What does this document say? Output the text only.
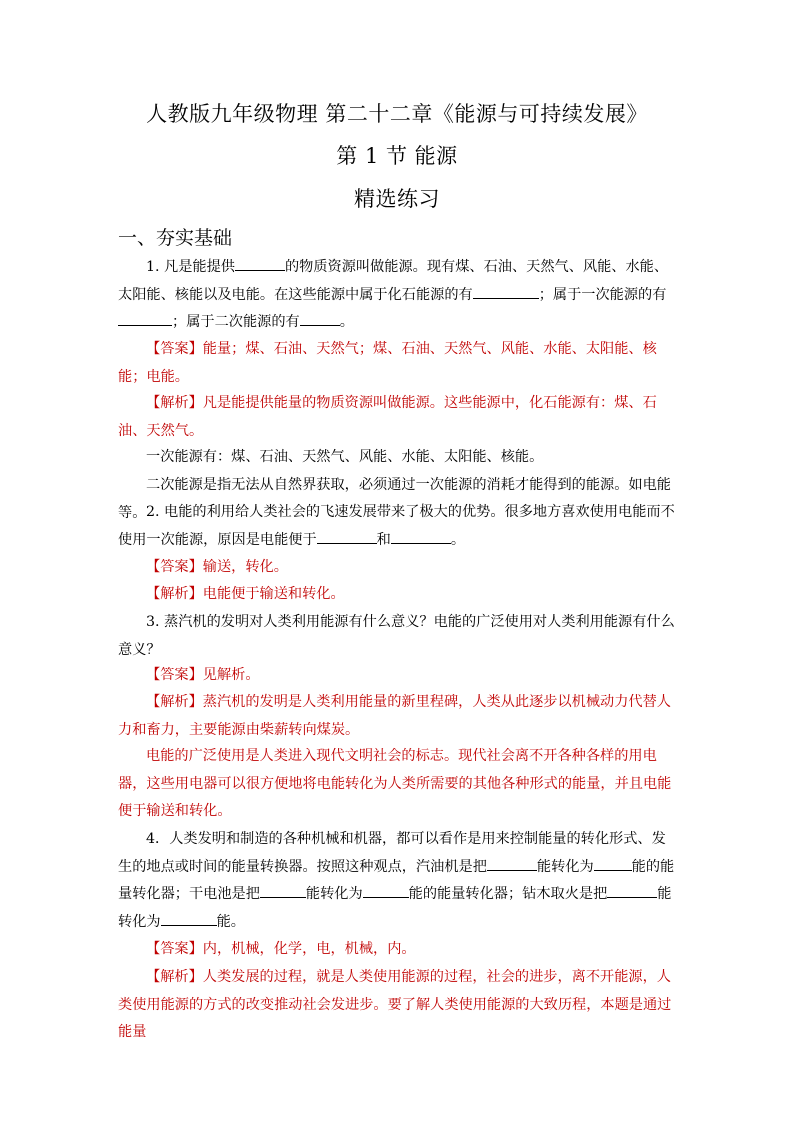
人教版九年级物理 第二十二章《能源与可持续发展》
第 1 节 能源
精选练习
一、夯实基础

1. 凡是能提供	的物质资源叫做能源。现有煤、石油、天然气、风能、水能、太阳能、核能以及电能。在这些能源中属于化石能源的有	；属于一次能源的有；属于二次能源的有	。

【答案】能量；煤、石油、天然气；煤、石油、天然气、风能、水能、太阳能、核能；电能。

【解析】凡是能提供能量的物质资源叫做能源。这些能源中，化石能源有：煤、石油、天然气。

一次能源有：煤、石油、天然气、风能、水能、太阳能、核能。

二次能源是指无法从自然界获取，必须通过一次能源的消耗才能得到的能源。如电能等。 2. 电能的利用给人类社会的飞速发展带来了极大的优势。很多地方喜欢使用电能而不使用一次能源，原因是电能便于	和	。

【答案】输送，转化。

【解析】电能便于输送和转化。

3. 蒸汽机的发明对人类利用能源有什么意义？电能的广泛使用对人类利用能源有什么意义？

【答案】见解析。

【解析】蒸汽机的发明是人类利用能量的新里程碑，人类从此逐步以机械动力代替人力和畜力，主要能源由柴薪转向煤炭。

电能的广泛使用是人类进入现代文明社会的标志。现代社会离不开各种各样的用电器，这些用电器可以很方便地将电能转化为人类所需要的其他各种形式的能量，并且电能便于输送和转化。

4．人类发明和制造的各种机械和机器，都可以看作是用来控制能量的转化形式、发生的地点或时间的能量转换器。按照这种观点，汽油机是把	能转化为	能的能量转化器；干电池是把	能转化为	能的能量转化器；钻木取火是把	能转化为	能。

【答案】内，机械，化学，电，机械，内。

【解析】人类发展的过程，就是人类使用能源的过程，社会的进步，离不开能源，人类使用能源的方式的改变推动社会发进步。要了解人类使用能源的大致历程，本题是通过能量
